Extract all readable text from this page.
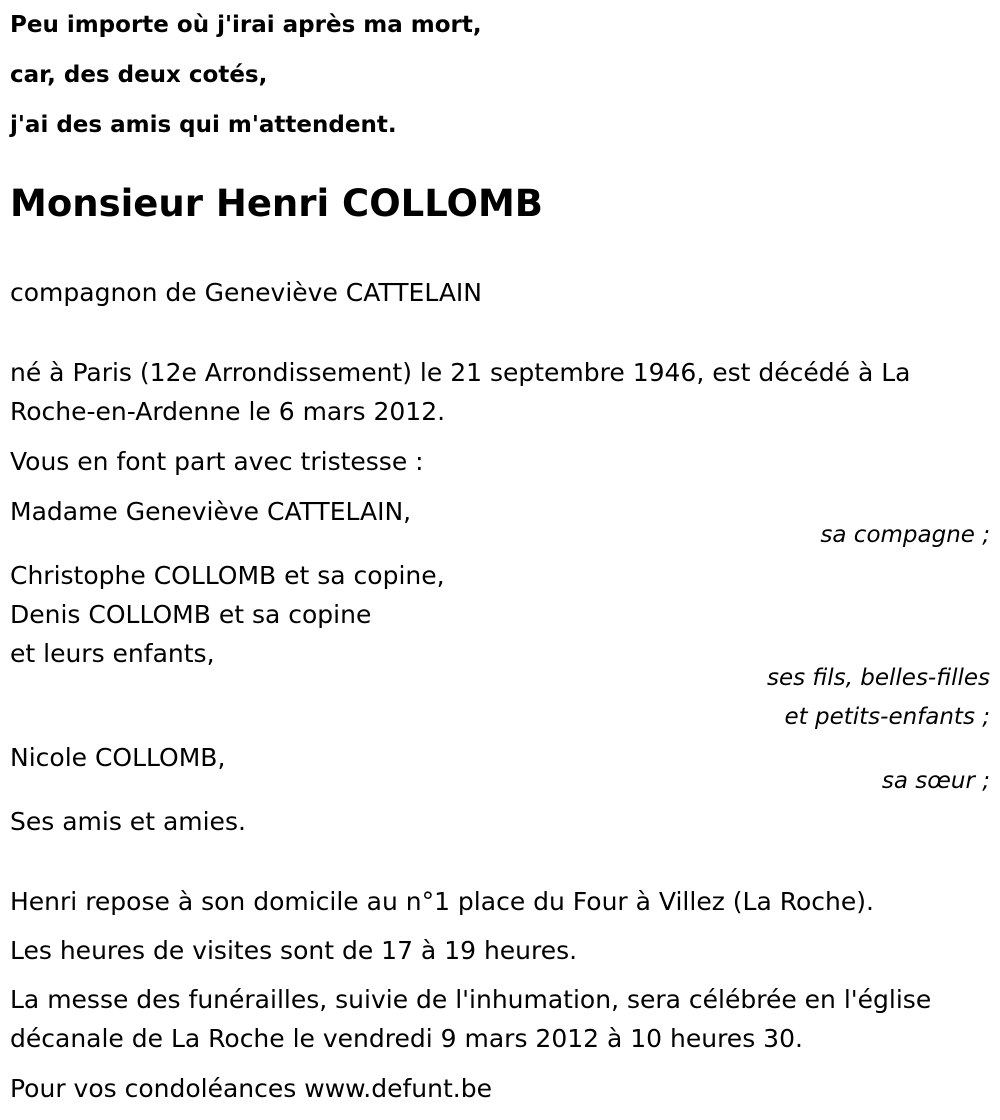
Peu importe où j'irai après ma mort,
car, des deux cotés,
j'ai des amis qui m'attendent.
Monsieur Henri COLLOMB
compagnon de Geneviève CATTELAIN
né à Paris (12e Arrondissement) le 21 septembre 1946, est décédé à La Roche-en-Ardenne le 6 mars 2012.
Vous en font part avec tristesse :
Madame Geneviève CATTELAIN,
sa compagne ;
Christophe COLLOMB et sa copine,
Denis COLLOMB et sa copine
et leurs enfants,
ses fils, belles-filles
et petits-enfants ;
Nicole COLLOMB,
sa sœur ;
Ses amis et amies.
Henri repose à son domicile au n°1 place du Four à Villez (La Roche).
Les heures de visites sont de 17 à 19 heures.
La messe des funérailles, suivie de l'inhumation, sera célébrée en l'église décanale de La Roche le vendredi 9 mars 2012 à 10 heures 30.
Pour vos condoléances www.defunt.be
